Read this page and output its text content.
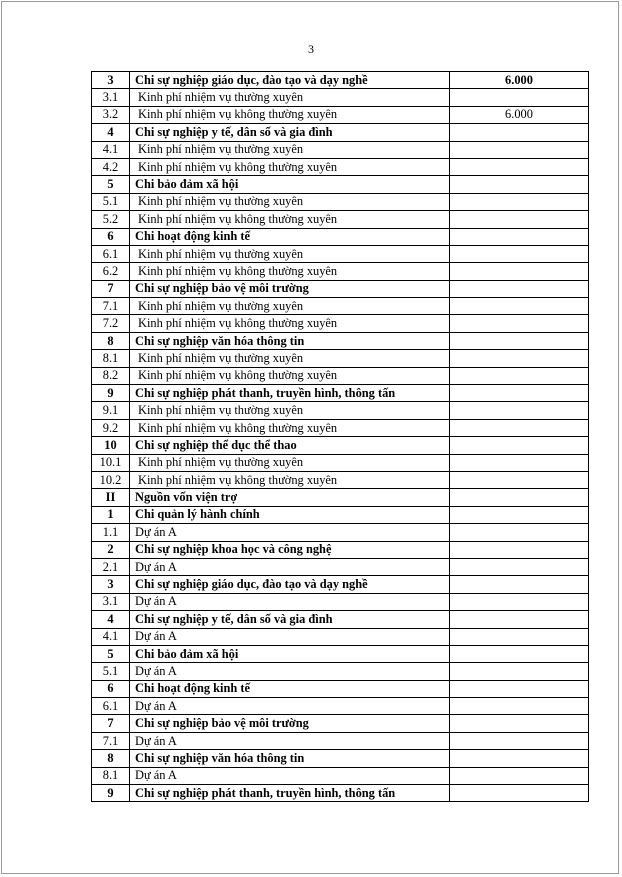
3
3	Chi sự nghiệp giáo dục, đào tạo và dạy nghề	6.000
3.1	Kinh phí nhiệm vụ thường xuyên	
3.2	Kinh phí nhiệm vụ không thường xuyên	6.000
4	Chi sự nghiệp y tế, dân số và gia đình	
4.1	Kinh phí nhiệm vụ thường xuyên	
4.2	Kinh phí nhiệm vụ không thường xuyên	
5	Chi bảo đảm xã hội	
5.1	Kinh phí nhiệm vụ thường xuyên	
5.2	Kinh phí nhiệm vụ không thường xuyên	
6	Chi hoạt động kinh tế	
6.1	Kinh phí nhiệm vụ thường xuyên	
6.2	Kinh phí nhiệm vụ không thường xuyên	
7	Chi sự nghiệp bảo vệ môi trường	
7.1	Kinh phí nhiệm vụ thường xuyên	
7.2	Kinh phí nhiệm vụ không thường xuyên	
8	Chi sự nghiệp văn hóa thông tin	
8.1	Kinh phí nhiệm vụ thường xuyên	
8.2	Kinh phí nhiệm vụ không thường xuyên	
9	Chi sự nghiệp phát thanh, truyền hình, thông tấn	
9.1	Kinh phí nhiệm vụ thường xuyên	
9.2	Kinh phí nhiệm vụ không thường xuyên	
10	Chi sự nghiệp thể dục thể thao	
10.1	Kinh phí nhiệm vụ thường xuyên	
10.2	Kinh phí nhiệm vụ không thường xuyên	
II	Nguồn vốn viện trợ	
1	Chi quản lý hành chính	
1.1	Dự án A	
2	Chi sự nghiệp khoa học và công nghệ	
2.1	Dự án A	
3	Chi sự nghiệp giáo dục, đào tạo và dạy nghề	
3.1	Dự án A	
4	Chi sự nghiệp y tế, dân số và gia đình	
4.1	Dự án A	
5	Chi bảo đảm xã hội	
5.1	Dự án A	
6	Chi hoạt động kinh tế	
6.1	Dự án A	
7	Chi sự nghiệp bảo vệ môi trường	
7.1	Dự án A	
8	Chi sự nghiệp văn hóa thông tin	
8.1	Dự án A	
9	Chi sự nghiệp phát thanh, truyền hình, thông tấn	
